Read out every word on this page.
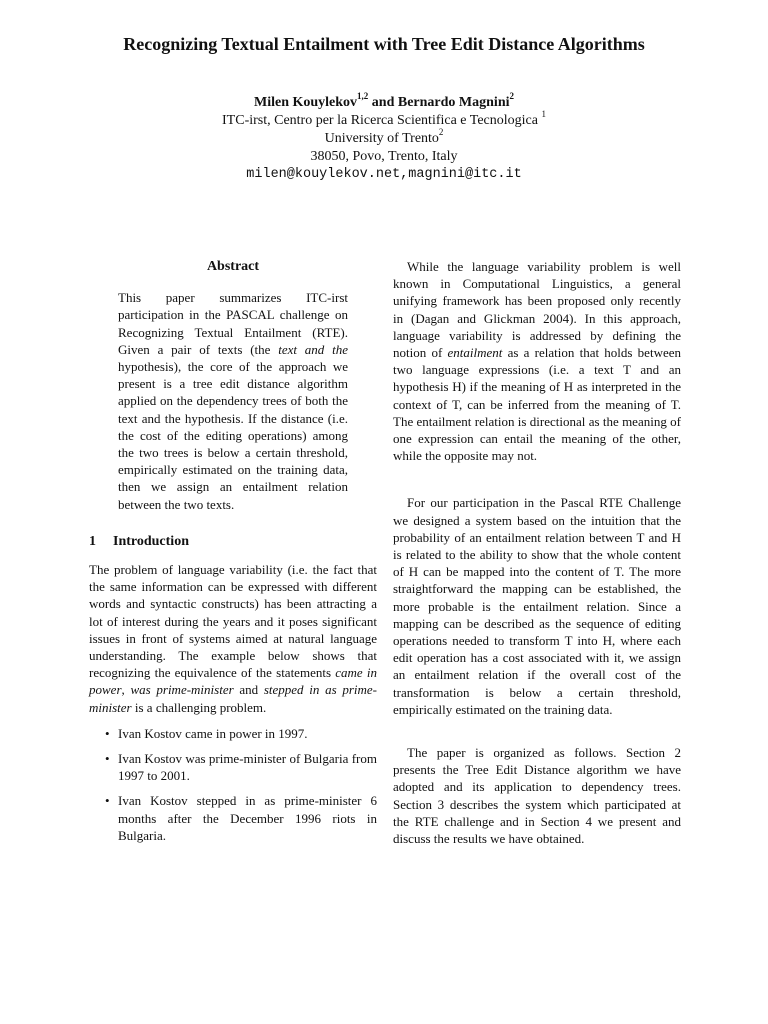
Recognizing Textual Entailment with Tree Edit Distance Algorithms
Milen Kouylekov$^{1,2}$ and Bernardo Magnini$^2$
ITC-irst, Centro per la Ricerca Scientifica e Tecnologica $^1$
University of Trento$^2$
38050, Povo, Trento, Italy
milen@kouylekov.net,magnini@itc.it
Abstract
This paper summarizes ITC-irst participation in the PASCAL challenge on Recognizing Textual Entailment (RTE). Given a pair of texts (the text and the hypothesis), the core of the approach we present is a tree edit distance algorithm applied on the dependency trees of both the text and the hypothesis. If the distance (i.e. the cost of the editing operations) among the two trees is below a certain threshold, empirically estimated on the training data, then we assign an entailment relation between the two texts.
1 Introduction

The problem of language variability (i.e. the fact that the same information can be expressed with different words and syntactic constructs) has been attracting a lot of interest during the years and it poses significant issues in front of systems aimed at natural language understanding. The example below shows that recognizing the equivalence of the statements came in power, was prime-minister and stepped in as prime-minister is a challenging problem.

• Ivan Kostov came in power in 1997.
• Ivan Kostov was prime-minister of Bulgaria from 1997 to 2001.
• Ivan Kostov stepped in as prime-minister 6 months after the December 1996 riots in Bulgaria.

While the language variability problem is well known in Computational Linguistics, a general unifying framework has been proposed only recently in (Dagan and Glickman 2004). In this approach, language variability is addressed by defining the notion of entailment as a relation that holds between two language expressions (i.e. a text T and an hypothesis H) if the meaning of H as interpreted in the context of T, can be inferred from the meaning of T. The entailment relation is directional as the meaning of one expression can entail the meaning of the other, while the opposite may not.

For our participation in the Pascal RTE Challenge we designed a system based on the intuition that the probability of an entailment relation between T and H is related to the ability to show that the whole content of H can be mapped into the content of T. The more straightforward the mapping can be established, the more probable is the entailment relation. Since a mapping can be described as the sequence of editing operations needed to transform T into H, where each edit operation has a cost associated with it, we assign an entailment relation if the overall cost of the transformation is below a certain threshold, empirically estimated on the training data.

The paper is organized as follows. Section 2 presents the Tree Edit Distance algorithm we have adopted and its application to dependency trees. Section 3 describes the system which participated at the RTE challenge and in Section 4 we present and discuss the results we have obtained.
